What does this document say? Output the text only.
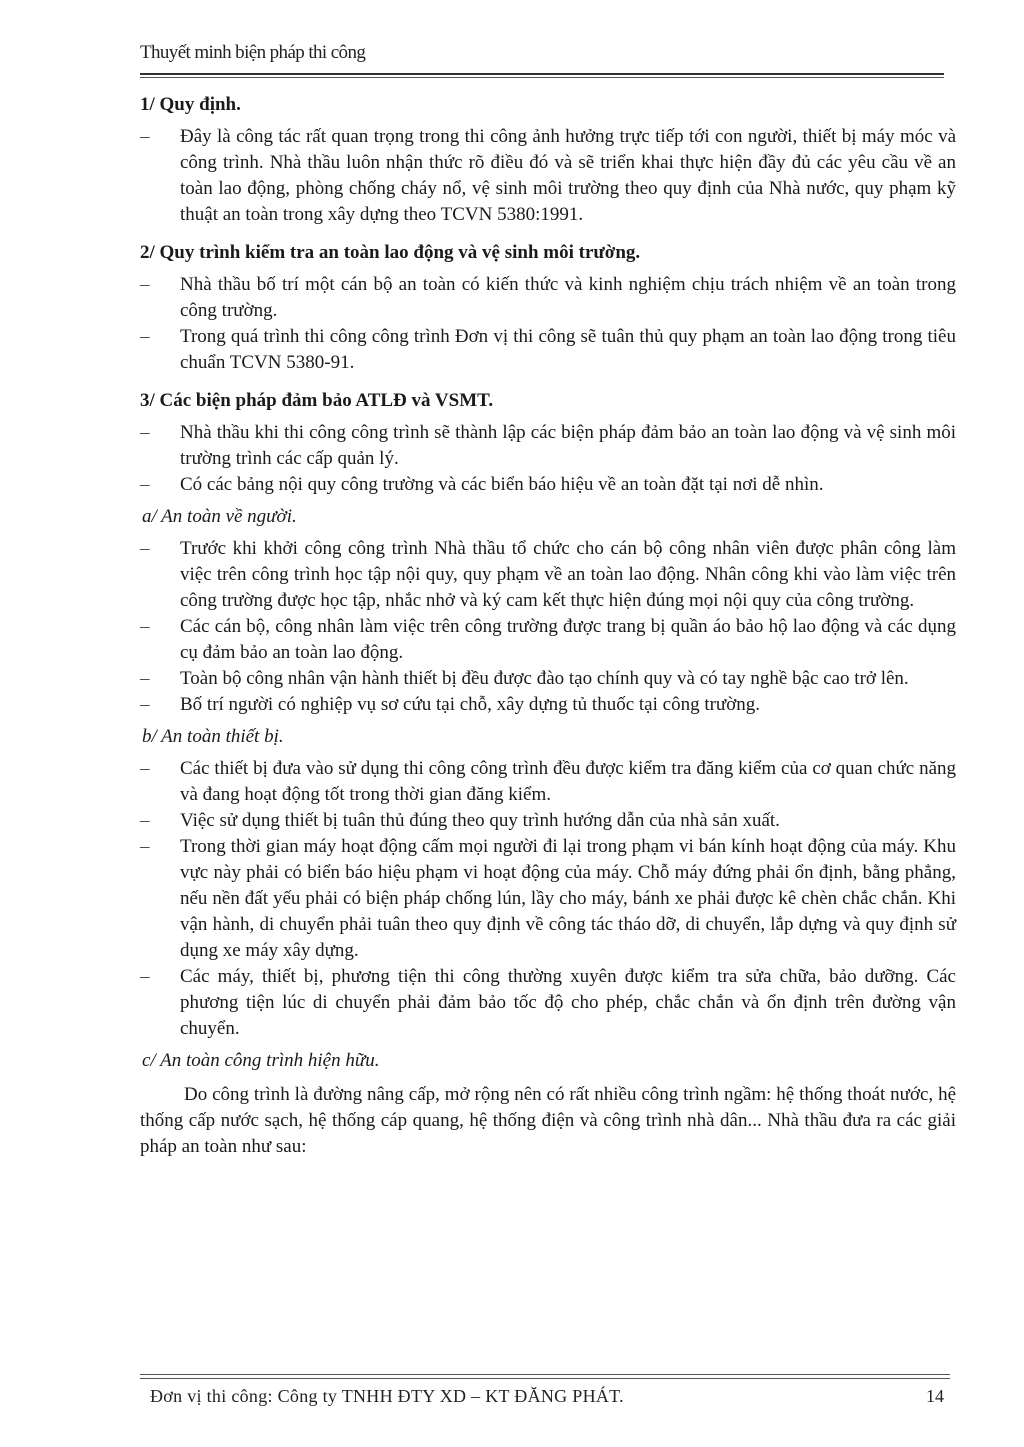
Thuyết minh biện pháp thi công

1/ Quy định.

–	Đây là công tác rất quan trọng trong thi công ảnh hưởng trực tiếp tới con người, thiết bị máy móc và công trình. Nhà thầu luôn nhận thức rõ điều đó và sẽ triển khai thực hiện đầy đủ các yêu cầu về an toàn lao động, phòng chống cháy nổ, vệ sinh môi trường theo quy định của Nhà nước, quy phạm kỹ thuật an toàn trong xây dựng theo TCVN 5380:1991.

2/ Quy trình kiểm tra an toàn lao động và vệ sinh môi trường.

–	Nhà thầu bố trí một cán bộ an toàn có kiến thức và kinh nghiệm chịu trách nhiệm về an toàn trong công trường.
–	Trong quá trình thi công công trình Đơn vị thi công sẽ tuân thủ quy phạm an toàn lao động trong tiêu chuẩn TCVN 5380-91.

3/ Các biện pháp đảm bảo ATLĐ và VSMT.

–	Nhà thầu khi thi công công trình sẽ thành lập các biện pháp đảm bảo an toàn lao động và vệ sinh môi trường trình các cấp quản lý.
–	Có các bảng nội quy công trường và các biển báo hiệu về an toàn đặt tại nơi dễ nhìn.

a/ An toàn về người.

–	Trước khi khởi công công trình Nhà thầu tổ chức cho cán bộ công nhân viên được phân công làm việc trên công trình học tập nội quy, quy phạm về an toàn lao động. Nhân công khi vào làm việc trên công trường được học tập, nhắc nhở và ký cam kết thực hiện đúng mọi nội quy của công trường.
–	Các cán bộ, công nhân làm việc trên công trường được trang bị quần áo bảo hộ lao động và các dụng cụ đảm bảo an toàn lao động.
–	Toàn bộ công nhân vận hành thiết bị đều được đào tạo chính quy và có tay nghề bậc cao trở lên.
–	Bố trí người có nghiệp vụ sơ cứu tại chỗ, xây dựng tủ thuốc tại công trường.

b/ An toàn thiết bị.

–	Các thiết bị đưa vào sử dụng thi công công trình đều được kiểm tra đăng kiểm của cơ quan chức năng và đang hoạt động tốt trong thời gian đăng kiểm.
–	Việc sử dụng thiết bị tuân thủ đúng theo quy trình hướng dẫn của nhà sản xuất.
–	Trong thời gian máy hoạt động cấm mọi người đi lại trong phạm vi bán kính hoạt động của máy. Khu vực này phải có biển báo hiệu phạm vi hoạt động của máy. Chỗ máy đứng phải ổn định, bằng phẳng, nếu nền đất yếu phải có biện pháp chống lún, lầy cho máy, bánh xe phải được kê chèn chắc chắn. Khi vận hành, di chuyển phải tuân theo quy định về công tác tháo dỡ, di chuyển, lắp dựng và quy định sử dụng xe máy xây dựng.
–	Các máy, thiết bị, phương tiện thi công thường xuyên được kiểm tra sửa chữa, bảo dưỡng. Các phương tiện lúc di chuyển phải đảm bảo tốc độ cho phép, chắc chắn và ổn định trên đường vận chuyển.

c/ An toàn công trình hiện hữu.

Do công trình là đường nâng cấp, mở rộng nên có rất nhiều công trình ngầm: hệ thống thoát nước, hệ thống cấp nước sạch, hệ thống cáp quang, hệ thống điện và công trình nhà dân... Nhà thầu đưa ra các giải pháp an toàn như sau:

Đơn vị thi công: Công ty TNHH ĐTY XD – KT ĐĂNG PHÁT.	14
